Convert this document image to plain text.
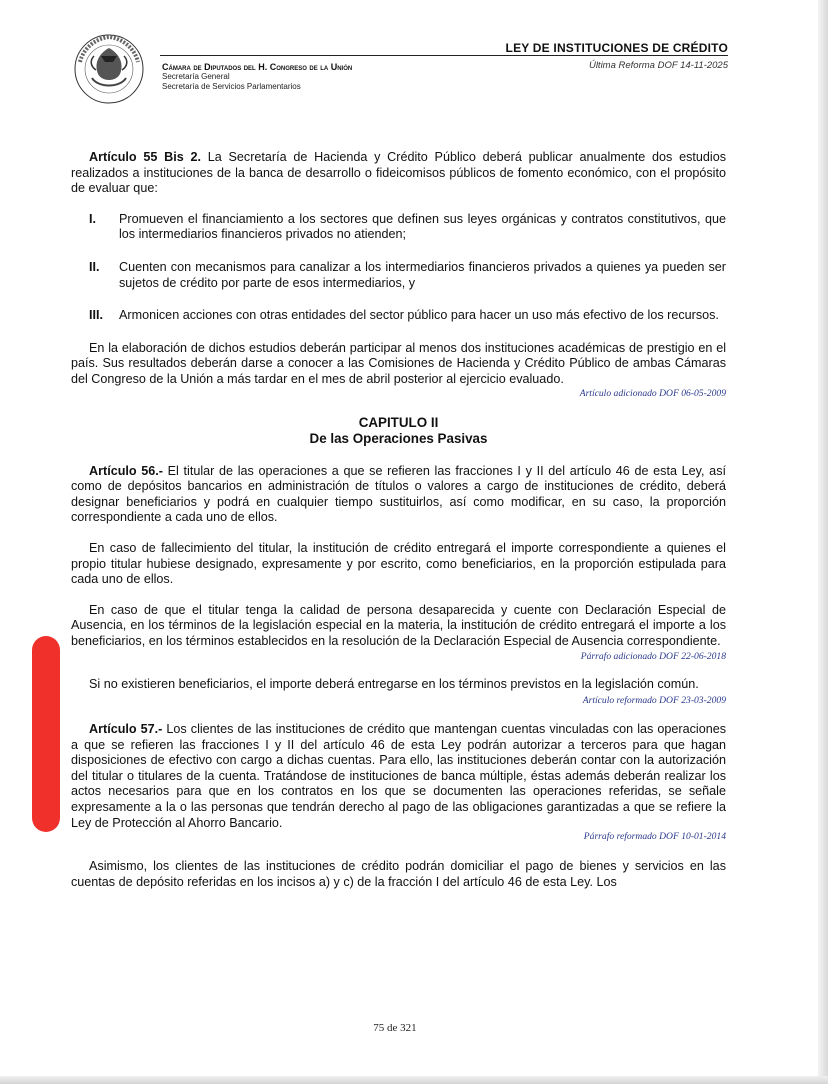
LEY DE INSTITUCIONES DE CRÉDITO
Última Reforma DOF 14-11-2025
Cámara de Diputados del H. Congreso de la Unión
Secretaría General
Secretaría de Servicios Parlamentarios

Artículo 55 Bis 2. La Secretaría de Hacienda y Crédito Público deberá publicar anualmente dos estudios realizados a instituciones de la banca de desarrollo o fideicomisos públicos de fomento económico, con el propósito de evaluar que:

I.	Promueven el financiamiento a los sectores que definen sus leyes orgánicas y contratos constitutivos, que los intermediarios financieros privados no atienden;
II.	Cuenten con mecanismos para canalizar a los intermediarios financieros privados a quienes ya pueden ser sujetos de crédito por parte de esos intermediarios, y
III.	Armonicen acciones con otras entidades del sector público para hacer un uso más efectivo de los recursos.

En la elaboración de dichos estudios deberán participar al menos dos instituciones académicas de prestigio en el país. Sus resultados deberán darse a conocer a las Comisiones de Hacienda y Crédito Público de ambas Cámaras del Congreso de la Unión a más tardar en el mes de abril posterior al ejercicio evaluado.

Artículo adicionado DOF 06-05-2009

CAPITULO II

De las Operaciones Pasivas

Artículo 56.- El titular de las operaciones a que se refieren las fracciones I y II del artículo 46 de esta Ley, así como de depósitos bancarios en administración de títulos o valores a cargo de instituciones de crédito, deberá designar beneficiarios y podrá en cualquier tiempo sustituirlos, así como modificar, en su caso, la proporción correspondiente a cada uno de ellos.

En caso de fallecimiento del titular, la institución de crédito entregará el importe correspondiente a quienes el propio titular hubiese designado, expresamente y por escrito, como beneficiarios, en la proporción estipulada para cada uno de ellos.

En caso de que el titular tenga la calidad de persona desaparecida y cuente con Declaración Especial de Ausencia, en los términos de la legislación especial en la materia, la institución de crédito entregará el importe a los beneficiarios, en los términos establecidos en la resolución de la Declaración Especial de Ausencia correspondiente.

Párrafo adicionado DOF 22-06-2018

Si no existieren beneficiarios, el importe deberá entregarse en los términos previstos en la legislación común.

Artículo reformado DOF 23-03-2009

Artículo 57.- Los clientes de las instituciones de crédito que mantengan cuentas vinculadas con las operaciones a que se refieren las fracciones I y II del artículo 46 de esta Ley podrán autorizar a terceros para que hagan disposiciones de efectivo con cargo a dichas cuentas. Para ello, las instituciones deberán contar con la autorización del titular o titulares de la cuenta. Tratándose de instituciones de banca múltiple, éstas además deberán realizar los actos necesarios para que en los contratos en los que se documenten las operaciones referidas, se señale expresamente a la o las personas que tendrán derecho al pago de las obligaciones garantizadas a que se refiere la Ley de Protección al Ahorro Bancario.

Párrafo reformado DOF 10-01-2014

Asimismo, los clientes de las instituciones de crédito podrán domiciliar el pago de bienes y servicios en las cuentas de depósito referidas en los incisos a) y c) de la fracción I del artículo 46 de esta Ley. Los

75 de 321
